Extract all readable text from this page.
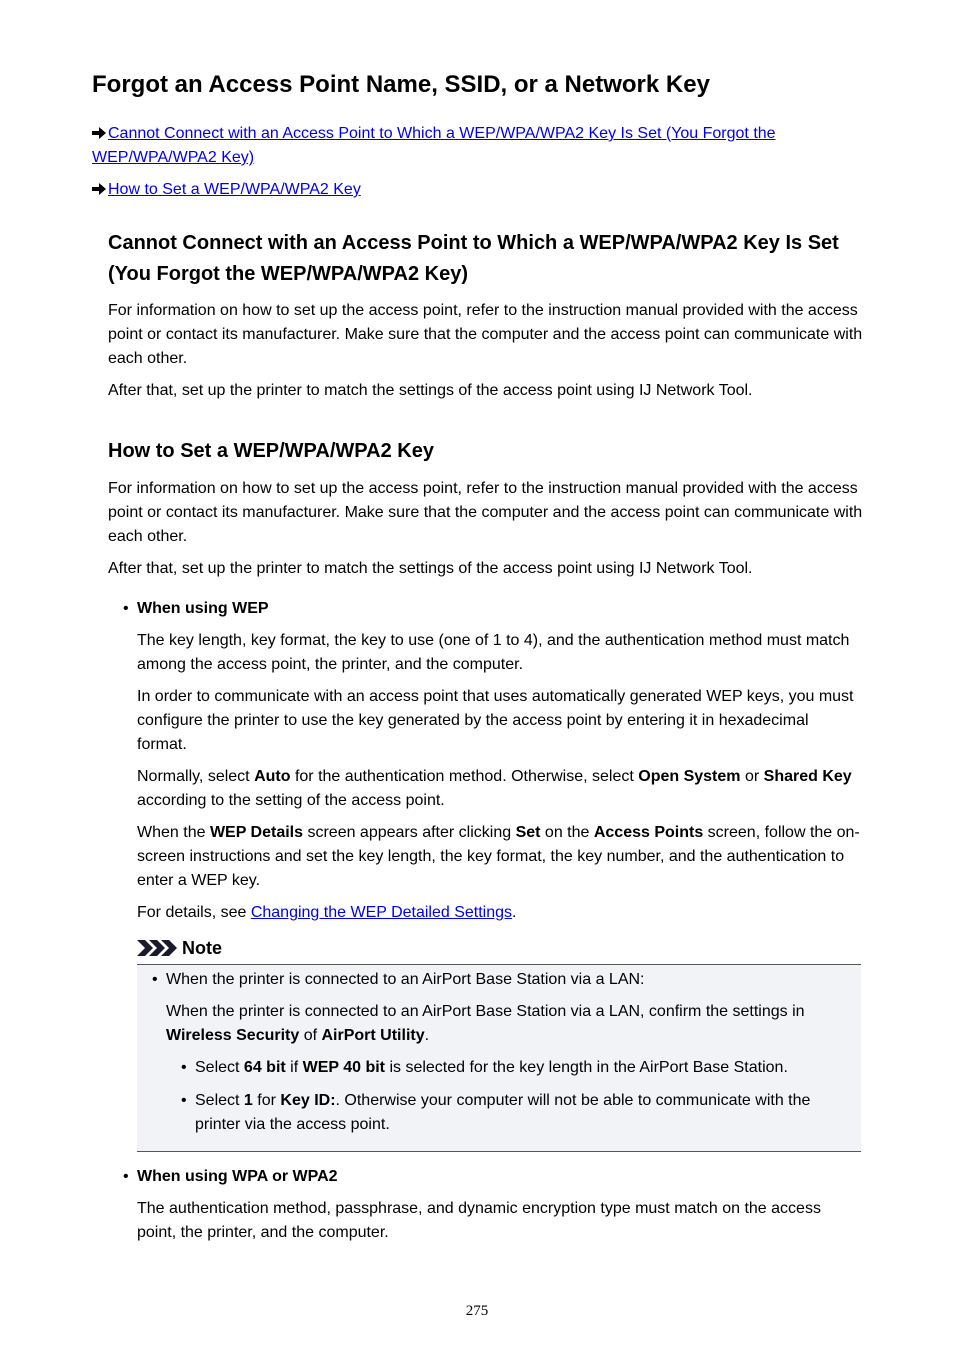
Forgot an Access Point Name, SSID, or a Network Key
Cannot Connect with an Access Point to Which a WEP/WPA/WPA2 Key Is Set (You Forgot the WEP/WPA/WPA2 Key)
How to Set a WEP/WPA/WPA2 Key
Cannot Connect with an Access Point to Which a WEP/WPA/WPA2 Key Is Set (You Forgot the WEP/WPA/WPA2 Key)

For information on how to set up the access point, refer to the instruction manual provided with the access point or contact its manufacturer. Make sure that the computer and the access point can communicate with each other.

After that, set up the printer to match the settings of the access point using IJ Network Tool.

How to Set a WEP/WPA/WPA2 Key

For information on how to set up the access point, refer to the instruction manual provided with the access point or contact its manufacturer. Make sure that the computer and the access point can communicate with each other.

After that, set up the printer to match the settings of the access point using IJ Network Tool.

• When using WEP

The key length, key format, the key to use (one of 1 to 4), and the authentication method must match among the access point, the printer, and the computer.

In order to communicate with an access point that uses automatically generated WEP keys, you must configure the printer to use the key generated by the access point by entering it in hexadecimal format.

Normally, select Auto for the authentication method. Otherwise, select Open System or Shared Key according to the setting of the access point.

When the WEP Details screen appears after clicking Set on the Access Points screen, follow the on-screen instructions and set the key length, the key format, the key number, and the authentication to enter a WEP key.

For details, see Changing the WEP Detailed Settings.

Note
• When the printer is connected to an AirPort Base Station via a LAN:

When the printer is connected to an AirPort Base Station via a LAN, confirm the settings in Wireless Security of AirPort Utility.

• Select 64 bit if WEP 40 bit is selected for the key length in the AirPort Base Station.
• Select 1 for Key ID:. Otherwise your computer will not be able to communicate with the printer via the access point.
• When using WPA or WPA2

The authentication method, passphrase, and dynamic encryption type must match on the access point, the printer, and the computer.

275
